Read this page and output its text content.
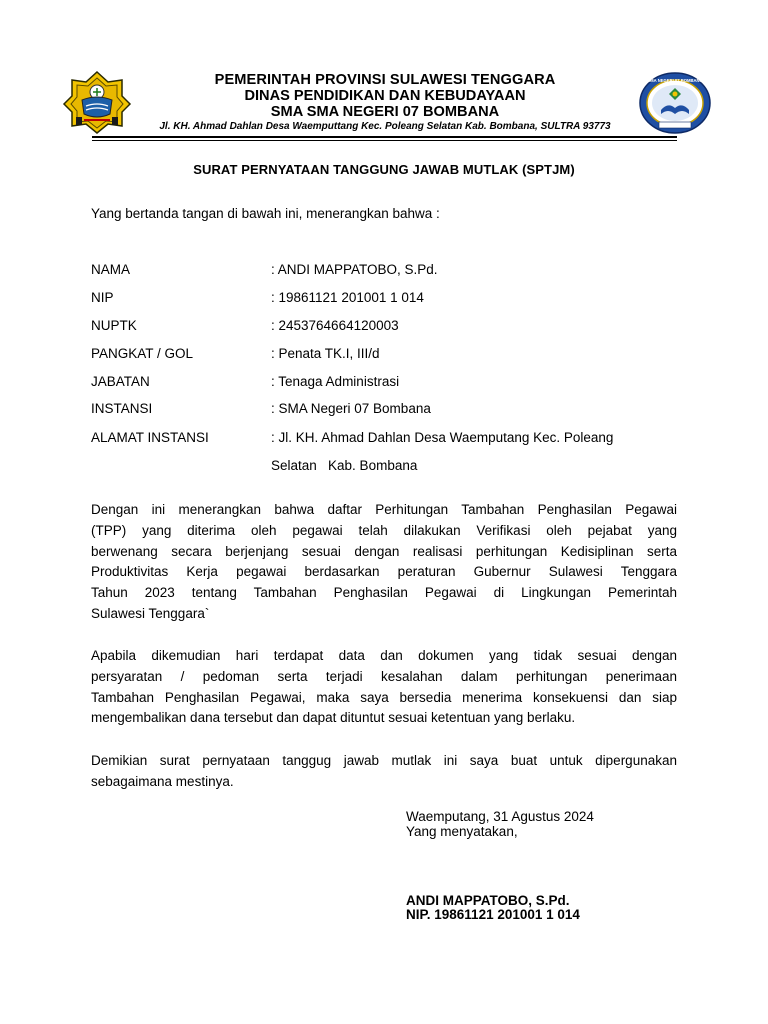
SMA NEGERI 07 BOMBANA
PEMERINTAH PROVINSI SULAWESI TENGGARA
DINAS PENDIDIKAN DAN KEBUDAYAAN
SMA SMA NEGERI 07 BOMBANA
Jl. KH. Ahmad Dahlan Desa Waemputtang Kec. Poleang Selatan Kab. Bombana, SULTRA 93773
SURAT PERNYATAAN TANGGUNG JAWAB MUTLAK (SPTJM)
Yang bertanda tangan di bawah ini, menerangkan bahwa :
NAMA	: ANDI MAPPATOBO, S.Pd.
NIP	: 19861121 201001 1 014
NUPTK	: 2453764664120003
PANGKAT / GOL	: Penata TK.I, III/d
JABATAN	: Tenaga Administrasi
INSTANSI	: SMA Negeri 07 Bombana
ALAMAT INSTANSI	: Jl. KH. Ahmad Dahlan Desa Waemputang Kec. Poleang
Selatan   Kab. Bombana
Dengan ini menerangkan bahwa daftar Perhitungan Tambahan Penghasilan Pegawai
(TPP) yang diterima oleh pegawai telah dilakukan Verifikasi oleh pejabat yang
berwenang secara berjenjang sesuai dengan realisasi perhitungan Kedisiplinan serta
Produktivitas Kerja pegawai berdasarkan peraturan Gubernur Sulawesi Tenggara
Tahun 2023 tentang Tambahan Penghasilan Pegawai di Lingkungan Pemerintah
Sulawesi Tenggara`
Apabila dikemudian hari terdapat data dan dokumen yang tidak sesuai dengan
persyaratan / pedoman serta terjadi kesalahan dalam perhitungan penerimaan
Tambahan Penghasilan Pegawai, maka saya bersedia menerima konsekuensi dan siap
mengembalikan dana tersebut dan dapat dituntut sesuai ketentuan yang berlaku.
Demikian surat pernyataan tanggug jawab mutlak ini saya buat untuk dipergunakan
sebagaimana mestinya.
Waemputang, 31 Agustus 2024
Yang menyatakan,
ANDI MAPPATOBO, S.Pd.
NIP. 19861121 201001 1 014
